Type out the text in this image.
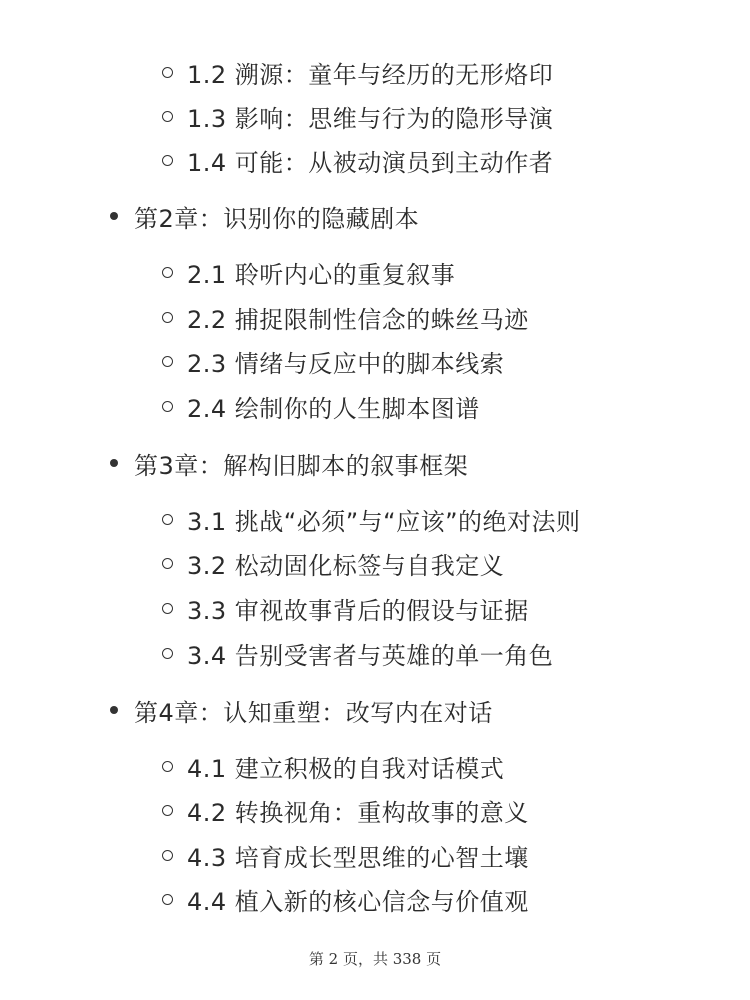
1.2 溯源：童年与经历的无形烙印
1.3 影响：思维与行为的隐形导演
1.4 可能：从被动演员到主动作者
第2章：识别你的隐藏剧本
2.1 聆听内心的重复叙事
2.2 捕捉限制性信念的蛛丝马迹
2.3 情绪与反应中的脚本线索
2.4 绘制你的人生脚本图谱
第3章：解构旧脚本的叙事框架
3.1 挑战“必须”与“应该”的绝对法则
3.2 松动固化标签与自我定义
3.3 审视故事背后的假设与证据
3.4 告别受害者与英雄的单一角色
第4章：认知重塑：改写内在对话
4.1 建立积极的自我对话模式
4.2 转换视角：重构故事的意义
4.3 培育成长型思维的心智土壤
4.4 植入新的核心信念与价值观
第 2 页，共 338 页
